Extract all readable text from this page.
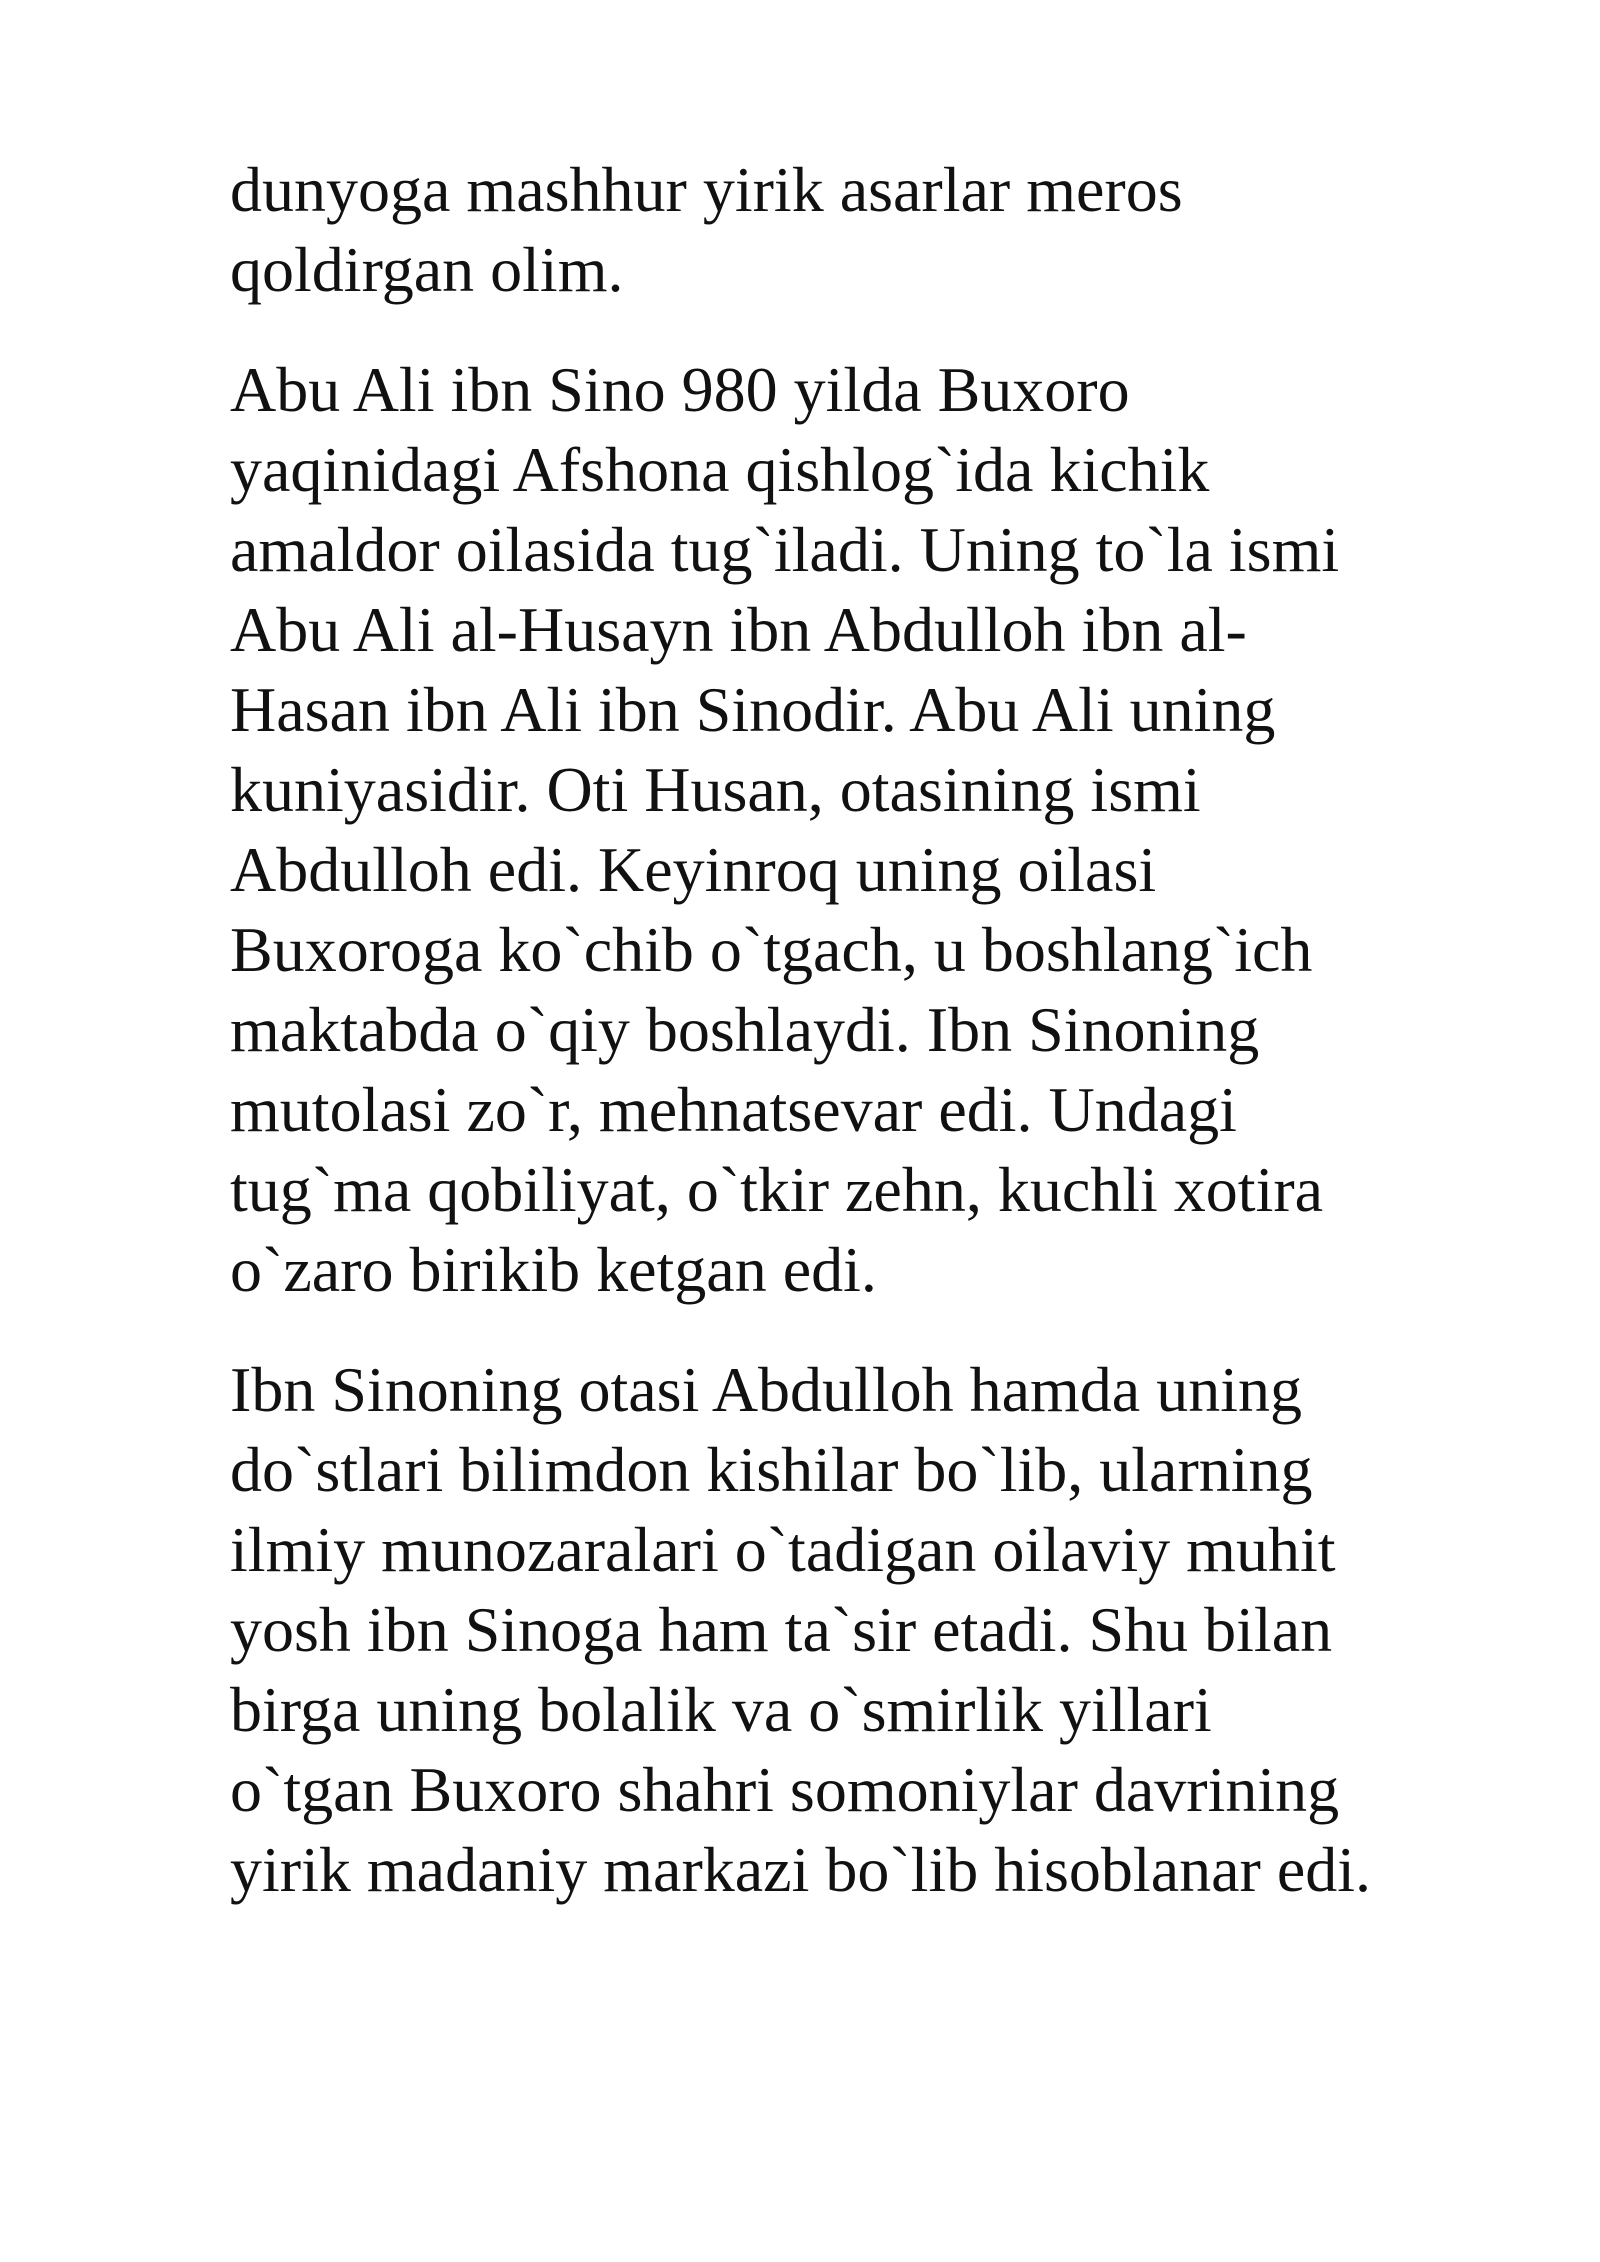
dunyoga mashhur yirik asarlar meros
qoldirgan olim.

Abu Ali ibn Sino 980 yilda Buxoro
yaqinidagi Afshona qishlog`ida kichik
amaldor oilasida tug`iladi. Uning to`la ismi
Abu Ali al-Husayn ibn Abdulloh ibn al-
Hasan ibn Ali ibn Sinodir. Abu Ali uning
kuniyasidir. Oti Husan, otasining ismi
Abdulloh edi. Keyinroq uning oilasi
Buxoroga ko`chib o`tgach, u boshlang`ich
maktabda o`qiy boshlaydi. Ibn Sinoning
mutolasi zo`r, mehnatsevar edi. Undagi
tug`ma qobiliyat, o`tkir zehn, kuchli xotira
o`zaro birikib ketgan edi.

Ibn Sinoning otasi Abdulloh hamda uning
do`stlari bilimdon kishilar bo`lib, ularning
ilmiy munozaralari o`tadigan oilaviy muhit
yosh ibn Sinoga ham ta`sir etadi. Shu bilan
birga uning bolalik va o`smirlik yillari
o`tgan Buxoro shahri somoniylar davrining
yirik madaniy markazi bo`lib hisoblanar edi.
